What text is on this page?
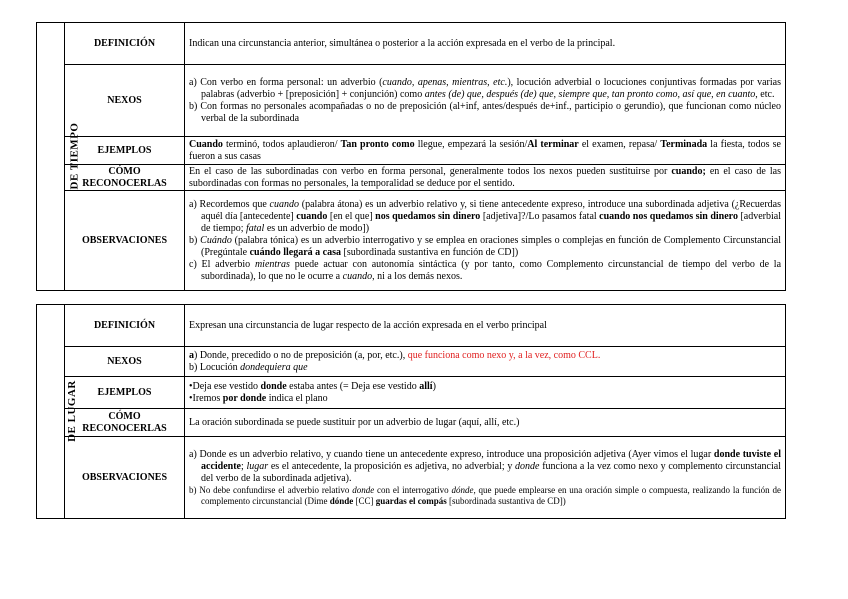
DE TIEMPO	DEFINICIÓN	Indican una circunstancia anterior, simultánea o posterior a la acción expresada en el verbo de la principal.
	NEXOS	a) Con verbo en forma personal: un adverbio (cuando, apenas, mientras, etc.), locución adverbial o locuciones conjuntivas formadas por varias palabras (adverbio + [preposición] + conjunción) como antes (de) que, después (de) que, siempre que, tan pronto como, así que, en cuanto, etc.

b) Con formas no personales acompañadas o no de preposición (al+inf, antes/después de+inf., participio o gerundio), que funcionan como núcleo verbal de la subordinada

	EJEMPLOS	Cuando terminó, todos aplaudieron/ Tan pronto como llegue, empezará la sesión/Al terminar el examen, repasa/ Terminada la fiesta, todos se fueron a sus casas
	CÓMO RECONOCERLAS	En el caso de las subordinadas con verbo en forma personal, generalmente todos los nexos pueden sustituirse por cuando; en el caso de las subordinadas con formas no personales, la temporalidad se deduce por el sentido.
	OBSERVACIONES	a) Recordemos que cuando (palabra átona) es un adverbio relativo y, si tiene antecedente expreso, introduce una subordinada adjetiva (¿Recuerdas aquél día [antecedente] cuando [en el que] nos quedamos sin dinero [adjetiva]?/Lo pasamos fatal cuando nos quedamos sin dinero [adverbial de tiempo; fatal es un adverbio de modo])

b) Cuándo (palabra tónica) es un adverbio interrogativo y se emplea en oraciones simples o complejas en función de Complemento Circunstancial (Pregúntale cuándo llegará a casa [subordinada sustantiva en función de CD])

c) El adverbio mientras puede actuar con autonomía sintáctica (y por tanto, como Complemento circunstancial de tiempo del verbo de la subordinada), lo que no le ocurre a cuando, ni a los demás nexos.

DE LUGAR	DEFINICIÓN	Expresan una circunstancia de lugar respecto de la acción expresada en el verbo principal
	NEXOS	a) Donde, precedido o no de preposición (a, por, etc.), que funciona como nexo y, a la vez, como CCL.

b) Locución dondequiera que

	EJEMPLOS	•Deja ese vestido donde estaba antes (= Deja ese vestido allí)

•Iremos por donde indica el plano

	CÓMO RECONOCERLAS	La oración subordinada se puede sustituir por un adverbio de lugar (aquí, allí, etc.)
	OBSERVACIONES	a) Donde es un adverbio relativo, y cuando tiene un antecedente expreso, introduce una proposición adjetiva (Ayer vimos el lugar donde tuviste el accidente; lugar es el antecedente, la proposición es adjetiva, no adverbial; y donde funciona a la vez como nexo y complemento circunstancial del verbo de la subordinada adjetiva).

b) No debe confundirse el adverbio relativo donde con el interrogativo dónde, que puede emplearse en una oración simple o compuesta, realizando la función de complemento circunstancial (Dime dónde [CC] guardas el compás [subordinada sustantiva de CD])
